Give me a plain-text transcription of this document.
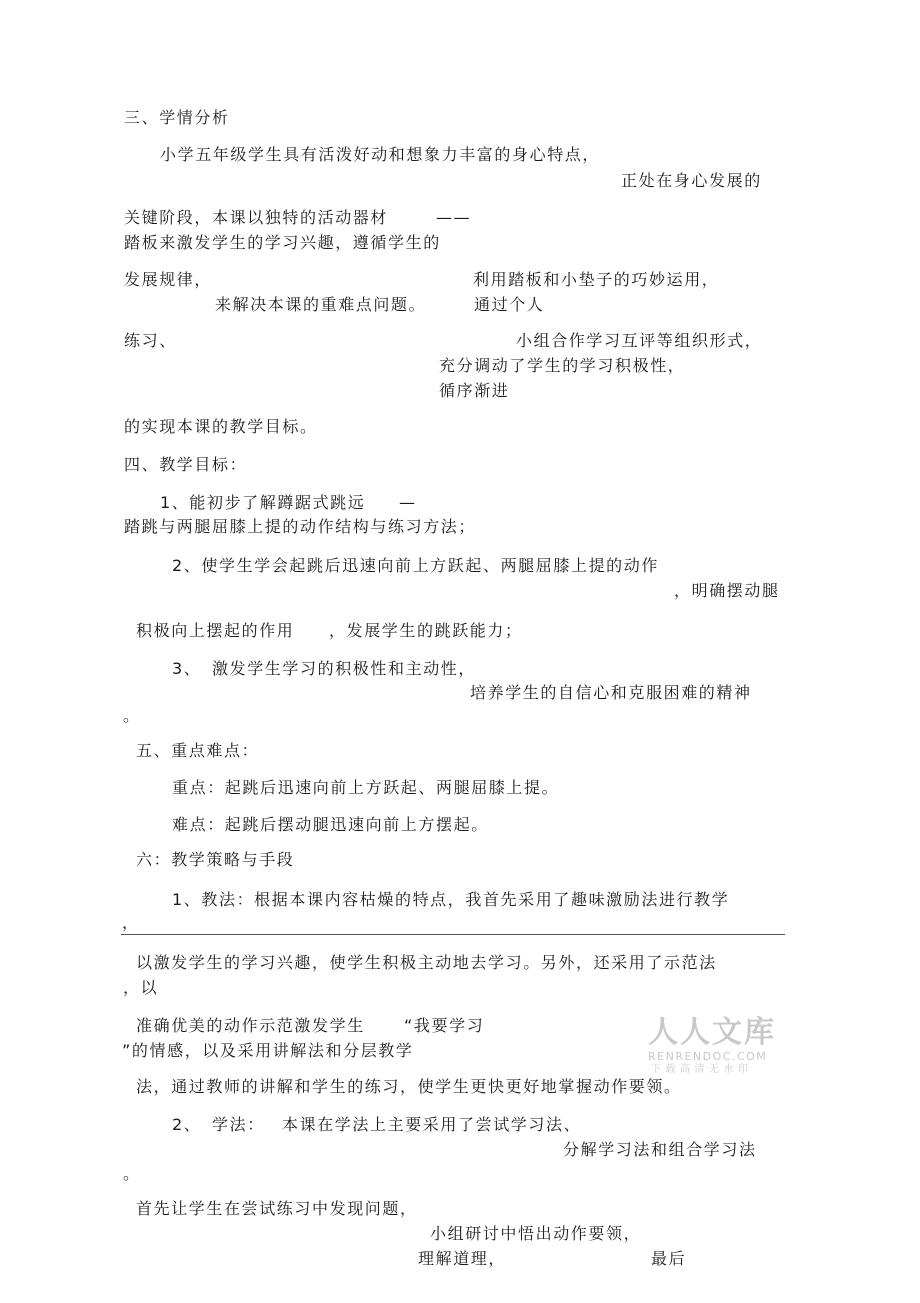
三、学情分析
小学五年级学生具有活泼好动和想象力丰富的身心特点，
正处在身心发展的
关键阶段，本课以独特的活动器材	——
踏板来激发学生的学习兴趣，遵循学生的
发展规律，	利用踏板和小垫子的巧妙运用，
来解决本课的重难点问题。	通过个人
练习、	小组合作学习互评等组织形式，
充分调动了学生的学习积极性，
循序渐进
的实现本课的教学目标。
四、教学目标：
1、能初步了解蹲踞式跳远 —
踏跳与两腿屈膝上提的动作结构与练习方法；
2、使学生学会起跳后迅速向前上方跃起、两腿屈膝上提的动作
，明确摆动腿
积极向上摆起的作用 ，发展学生的跳跃能力；
3、 激发学生学习的积极性和主动性，
培养学生的自信心和克服困难的精神
。
五、重点难点：
重点：起跳后迅速向前上方跃起、两腿屈膝上提。
难点：起跳后摆动腿迅速向前上方摆起。
六：教学策略与手段
1、教法：根据本课内容枯燥的特点，我首先采用了趣味激励法进行教学
，
以激发学生的学习兴趣，使学生积极主动地去学习。另外，还采用了示范法
，以
准确优美的动作示范激发学生 “我要学习
”的情感，以及采用讲解法和分层教学
法，通过教师的讲解和学生的练习，使学生更快更好地掌握动作要领。
2、 学法： 本课在学法上主要采用了尝试学习法、
分解学习法和组合学习法
。
首先让学生在尝试练习中发现问题，
小组研讨中悟出动作要领，
理解道理，	最后
人人文库
RENRENDOC.COM
下载高清无水印
